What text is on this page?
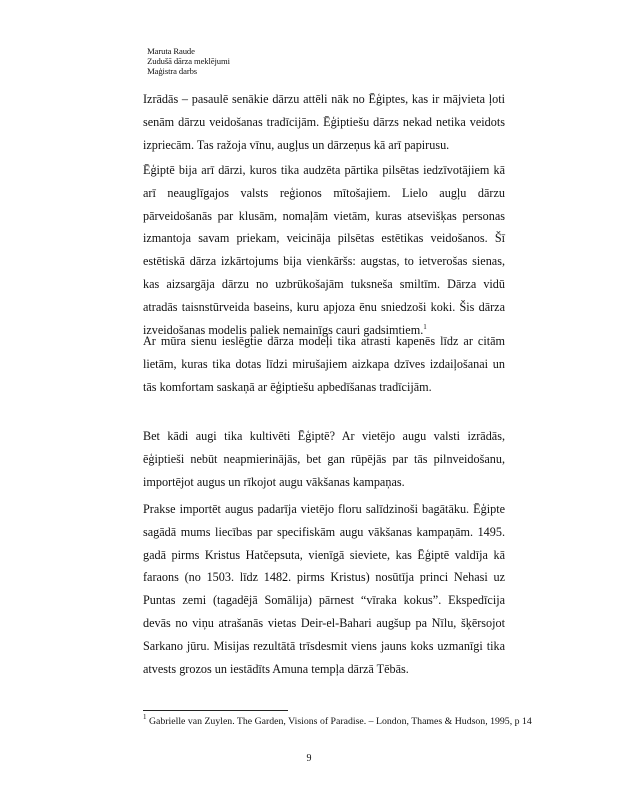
Maruta Raude
Zudušā dārza meklējumi
Maģistra darbs

Izrādās – pasaulē senākie dārzu attēli nāk no Ēģiptes, kas ir mājvieta ļoti senām dārzu veidošanas tradīcijām. Ēģiptiešu dārzs nekad netika veidots izpriecām. Tas ražoja vīnu, augļus un dārzeņus kā arī papirusu.

Ēģiptē bija arī dārzi, kuros tika audzēta pārtika pilsētas iedzīvotājiem kā arī neauglīgajos valsts reģionos mītošajiem. Lielo augļu dārzu pārveidošanās par klusām, nomaļām vietām, kuras atsevišķas personas izmantoja savam priekam, veicināja pilsētas estētikas veidošanos. Šī estētiskā dārza izkārtojums bija vienkāršs: augstas, to ietverošas sienas, kas aizsargāja dārzu no uzbrūkošajām tuksneša smiltīm. Dārza vidū atradās taisnstūrveida baseins, kuru apjoza ēnu sniedzoši koki. Šis dārza izveidošanas modelis paliek nemainīgs cauri gadsimtiem.$^1$

Ar mūra sienu ieslēgtie dārza modeļi tika atrasti kapenēs līdz ar citām lietām, kuras tika dotas līdzi mirušajiem aizkapa dzīves izdaiļošanai un tās komfortam saskaņā ar ēģiptiešu apbedīšanas tradīcijām.

Bet kādi augi tika kultivēti Ēģiptē? Ar vietējo augu valsti izrādās, ēģiptieši nebūt neapmierinājās, bet gan rūpējās par tās pilnveidošanu, importējot augus un rīkojot augu vākšanas kampaņas.

Prakse importēt augus padarīja vietējo floru salīdzinoši bagātāku. Ēģipte sagādā mums liecības par specifiskām augu vākšanas kampaņām. 1495. gadā pirms Kristus Hatčepsuta, vienīgā sieviete, kas Ēģiptē valdīja kā faraons (no 1503. līdz 1482. pirms Kristus) nosūtīja princi Nehasi uz Puntas zemi (tagadējā Somālija) pārnest “vīraka kokus”. Ekspedīcija devās no viņu atrašanās vietas Deir-el-Bahari augšup pa Nīlu, šķērsojot Sarkano jūru. Misijas rezultātā trīsdesmit viens jauns koks uzmanīgi tika atvests grozos un iestādīts Amuna tempļa dārzā Tēbās.

$^1$ Gabrielle van Zuylen. The Garden, Visions of Paradise. – London, Thames & Hudson, 1995, p 14
9
